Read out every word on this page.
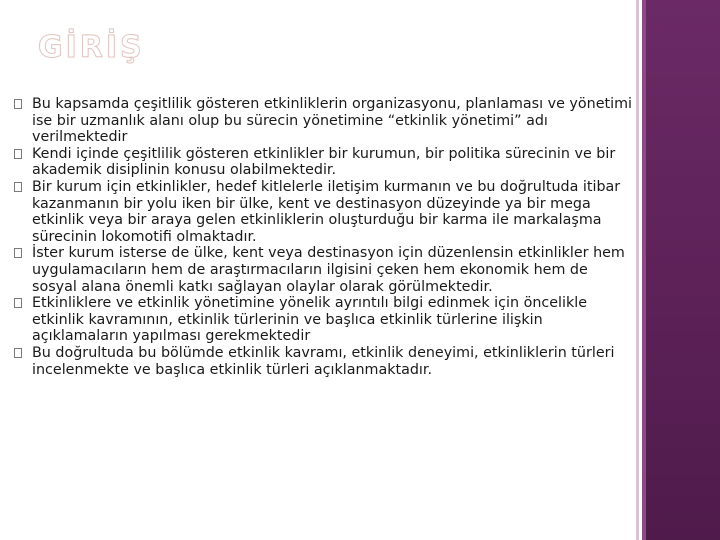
GİRİŞ
Bu kapsamda çeşitlilik gösteren etkinliklerin organizasyonu, planlaması ve yönetimi ise bir uzmanlık alanı olup bu sürecin yönetimine “etkinlik yönetimi” adı verilmektedir
Kendi içinde çeşitlilik gösteren etkinlikler bir kurumun, bir politika sürecinin ve bir akademik disiplinin konusu olabilmektedir.
Bir kurum için etkinlikler, hedef kitlelerle iletişim kurmanın ve bu doğrultuda itibar kazanmanın bir yolu iken bir ülke, kent ve destinasyon düzeyinde ya bir mega etkinlik veya bir araya gelen etkinliklerin oluşturduğu bir karma ile markalaşma sürecinin lokomotifi olmaktadır.
İster kurum isterse de ülke, kent veya destinasyon için düzenlensin etkinlikler hem uygulamacıların hem de araştırmacıların ilgisini çeken hem ekonomik hem de sosyal alana önemli katkı sağlayan olaylar olarak görülmektedir.
Etkinliklere ve etkinlik yönetimine yönelik ayrıntılı bilgi edinmek için öncelikle etkinlik kavramının, etkinlik türlerinin ve başlıca etkinlik türlerine ilişkin açıklamaların yapılması gerekmektedir
Bu doğrultuda bu bölümde etkinlik kavramı, etkinlik deneyimi, etkinliklerin türleri incelenmekte ve başlıca etkinlik türleri açıklanmaktadır.
